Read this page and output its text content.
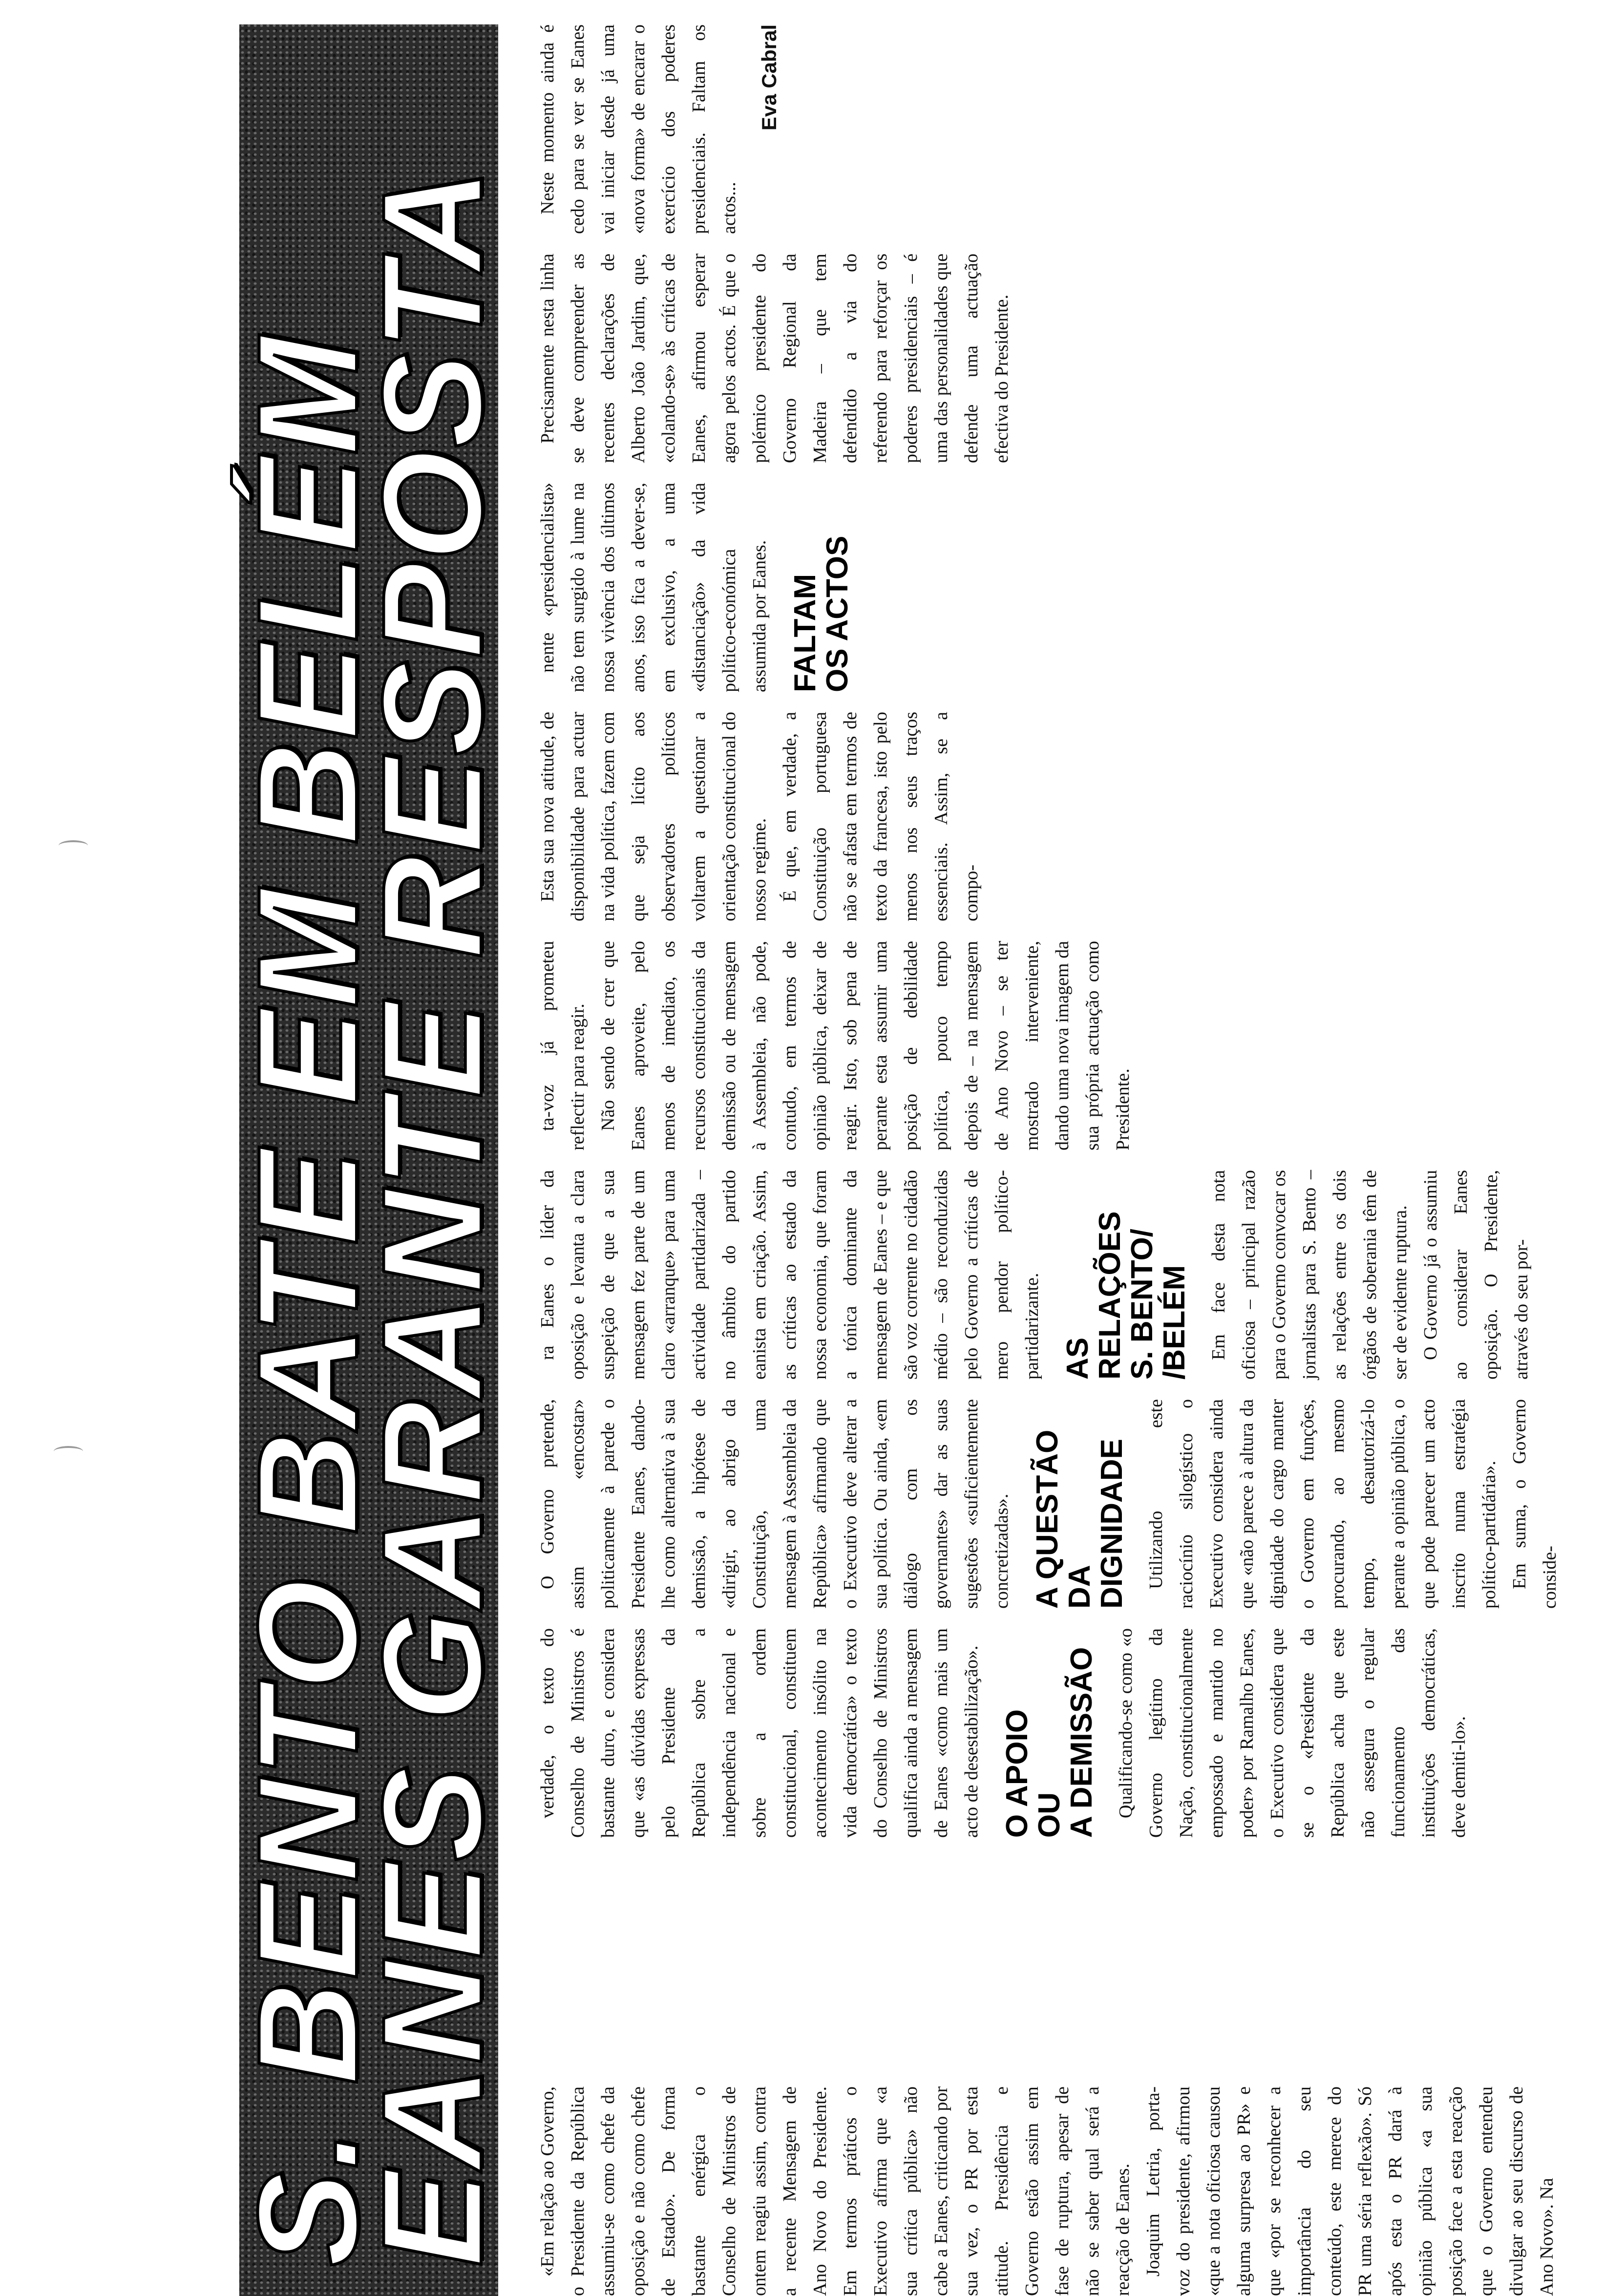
S. BENTO BATE EM BELÉM
EANES GARANTE RESPOSTA «Em relação ao Governo, o Presidente da República assumiu-se como chefe da oposição e não como chefe de Estado». De forma bastante enérgica o Conselho de Ministros de ontem reagiu assim, contra a recente Mensagem de Ano Novo do Presidente. Em termos práticos o Executivo afirma que «a sua crítica pública» não cabe a Eanes, criticando por sua vez, o PR por esta atitude. Presidência e Governo estão assim em fase de ruptura, apesar de não se saber qual será a reacção de Eanes. Joaquim Letria, porta-voz do presidente, afirmou «que a nota oficiosa causou alguma surpresa ao PR» e que «por se reconhecer a importância do seu conteúdo, este merece do PR uma séria reflexão». Só após esta o PR dará à opinião pública «a sua posição face a esta reacção que o Governo entendeu divulgar ao seu discurso de Ano Novo». Na

verdade, o texto do Conselho de Ministros é bastante duro, e considera que «as dúvidas expressas pelo Presidente da República sobre a independência nacional e sobre a ordem constitucional, constituem acontecimento insólito na vida democrática» o texto do Conselho de Ministros qualifica ainda a mensagem de Eanes «como mais um acto de desestabilização». O APOIO
OU
A DEMISSÃO Qualificando-se como «o Governo legítimo da Nação, constitucionalmente empossado e mantido no poder» por Ramalho Eanes, o Executivo considera que se o «Presidente da República acha que este não assegura o regular funcionamento das instituições democráticas, deve demiti-lo».

O Governo pretende, assim «encostar» politicamente à parede o Presidente Eanes, dando-lhe como alternativa à sua demissão, a hipótese de «dirigir, ao abrigo da Constituição, uma mensagem à Assembleia da República» afirmando que o Executivo deve alterar a sua política. Ou ainda, «em diálogo com os governantes» dar as suas sugestões «suficientemente concretizadas». A QUESTÃO
DA DIGNIDADE Utilizando este raciocínio silogístico o Executivo considera ainda que «não parece à altura da dignidade do cargo manter o Governo em funções, procurando, ao mesmo tempo, desautorizá-lo perante a opinião pública, o que pode parecer um acto inscrito numa estratégia político-partidária». Em suma, o Governo conside-

ra Eanes o líder da oposição e levanta a clara suspeição de que a sua mensagem fez parte de um claro «arranque» para uma actividade partidarizada – no âmbito do partido eanista em criação. Assim, as críticas ao estado da nossa economia, que foram a tónica dominante da mensagem de Eanes – e que são voz corrente no cidadão médio – são reconduzidas pelo Governo a críticas de mero pendor político-partidarizante. AS RELAÇÕES
S. BENTO/
/BELÉM Em face desta nota oficiosa – principal razão para o Governo convocar os jornalistas para S. Bento – as relações entre os dois órgãos de soberania têm de ser de evidente ruptura. O Governo já o assumiu ao considerar Eanes oposição. O Presidente, através do seu por-

ta-voz já prometeu reflectir para reagir. Não sendo de crer que Eanes aproveite, pelo menos de imediato, os recursos constitucionais da demissão ou de mensagem à Assembleia, não pode, contudo, em termos de opinião pública, deixar de reagir. Isto, sob pena de perante esta assumir uma posição de debilidade política, pouco tempo depois de – na mensagem de Ano Novo – se ter mostrado interveniente, dando uma nova imagem da sua própria actuação como Presidente.

Esta sua nova atitude, de disponibilidade para actuar na vida política, fazem com que seja lícito aos observadores políticos voltarem a questionar a orientação constitucional do nosso regime. É que, em verdade, a Constituição portuguesa não se afasta em termos de texto da francesa, isto pelo menos nos seus traços essenciais. Assim, se a compo-

nente «presidencialista» não tem surgido à lume na nossa vivência dos últimos anos, isso fica a dever-se, em exclusivo, a uma «distanciação» da vida político-económica assumida por Eanes. FALTAM
OS ACTOS

Precisamente nesta linha se deve compreender as recentes declarações de Alberto João Jardim, que, «colando-se» às críticas de Eanes, afirmou esperar agora pelos actos. É que o polémico presidente do Governo Regional da Madeira – que tem defendido a via do referendo para reforçar os poderes presidenciais – é uma das personalidades que defende uma actuação efectiva do Presidente.

Neste momento ainda é cedo para se ver se Eanes vai iniciar desde já uma «nova forma» de encarar o exercício dos poderes presidenciais. Faltam os actos...

Eva Cabral
